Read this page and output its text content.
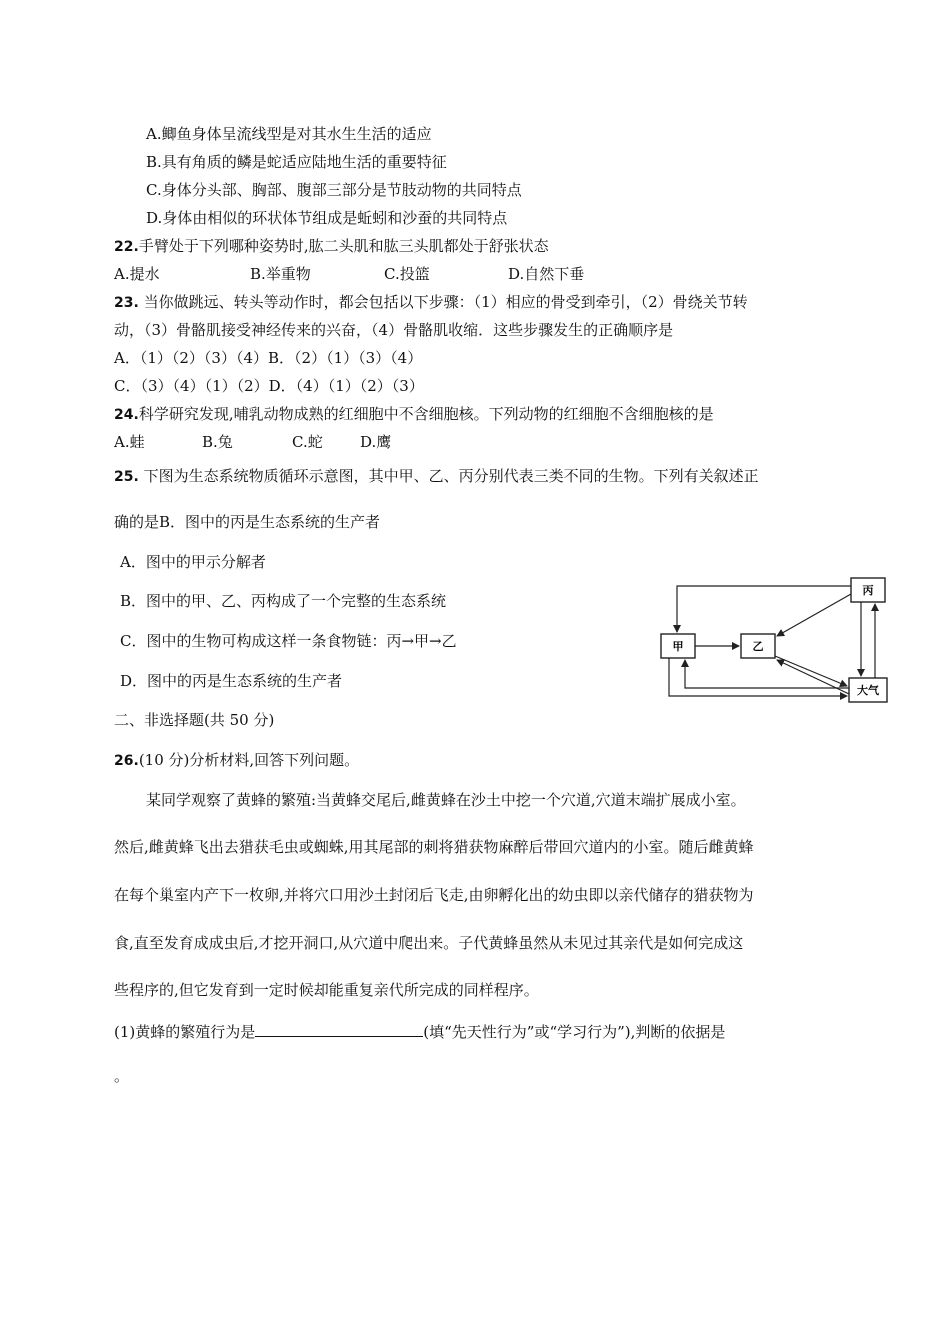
A.鲫鱼身体呈流线型是对其水生生活的适应
B.具有角质的鳞是蛇适应陆地生活的重要特征
C.身体分头部、胸部、腹部三部分是节肢动物的共同特点
D.身体由相似的环状体节组成是蚯蚓和沙蚕的共同特点
22.手臂处于下列哪种姿势时,肱二头肌和肱三头肌都处于舒张状态
A.提水	B.举重物	C.投篮	D.自然下垂
23. 当你做跳远、转头等动作时，都会包括以下步骤：（1）相应的骨受到牵引，（2）骨绕关节转
动，（3）骨骼肌接受神经传来的兴奋，（4）骨骼肌收缩．这些步骤发生的正确顺序是
A．（1）（2）（3）（4）B．（2）（1）（3）（4）
C．（3）（4）（1）（2）D．（4）（1）（2）（3）
24.科学研究发现,哺乳动物成熟的红细胞中不含细胞核。下列动物的红细胞不含细胞核的是
A.蛙	B.兔	C.蛇 D.鹰
25. 下图为生态系统物质循环示意图，其中甲、乙、丙分别代表三类不同的生物。下列有关叙述正
确的是B．图中的丙是生态系统的生产者
A．图中的甲示分解者
B．图中的甲、乙、丙构成了一个完整的生态系统
C．图中的生物可构成这样一条食物链：丙→甲→乙
D．图中的丙是生态系统的生产者
甲	乙
丙
大气
二、非选择题(共 50 分)
26.(10 分)分析材料,回答下列问题。
某同学观察了黄蜂的繁殖:当黄蜂交尾后,雌黄蜂在沙土中挖一个穴道,穴道末端扩展成小室。
然后,雌黄蜂飞出去猎获毛虫或蜘蛛,用其尾部的刺将猎获物麻醉后带回穴道内的小室。随后雌黄蜂
在每个巢室内产下一枚卵,并将穴口用沙土封闭后飞走,由卵孵化出的幼虫即以亲代储存的猎获物为
食,直至发育成成虫后,才挖开洞口,从穴道中爬出来。子代黄蜂虽然从未见过其亲代是如何完成这
些程序的,但它发育到一定时候却能重复亲代所完成的同样程序。
(1)黄蜂的繁殖行为是	(填“先天性行为”或“学习行为”),判断的依据是
。
